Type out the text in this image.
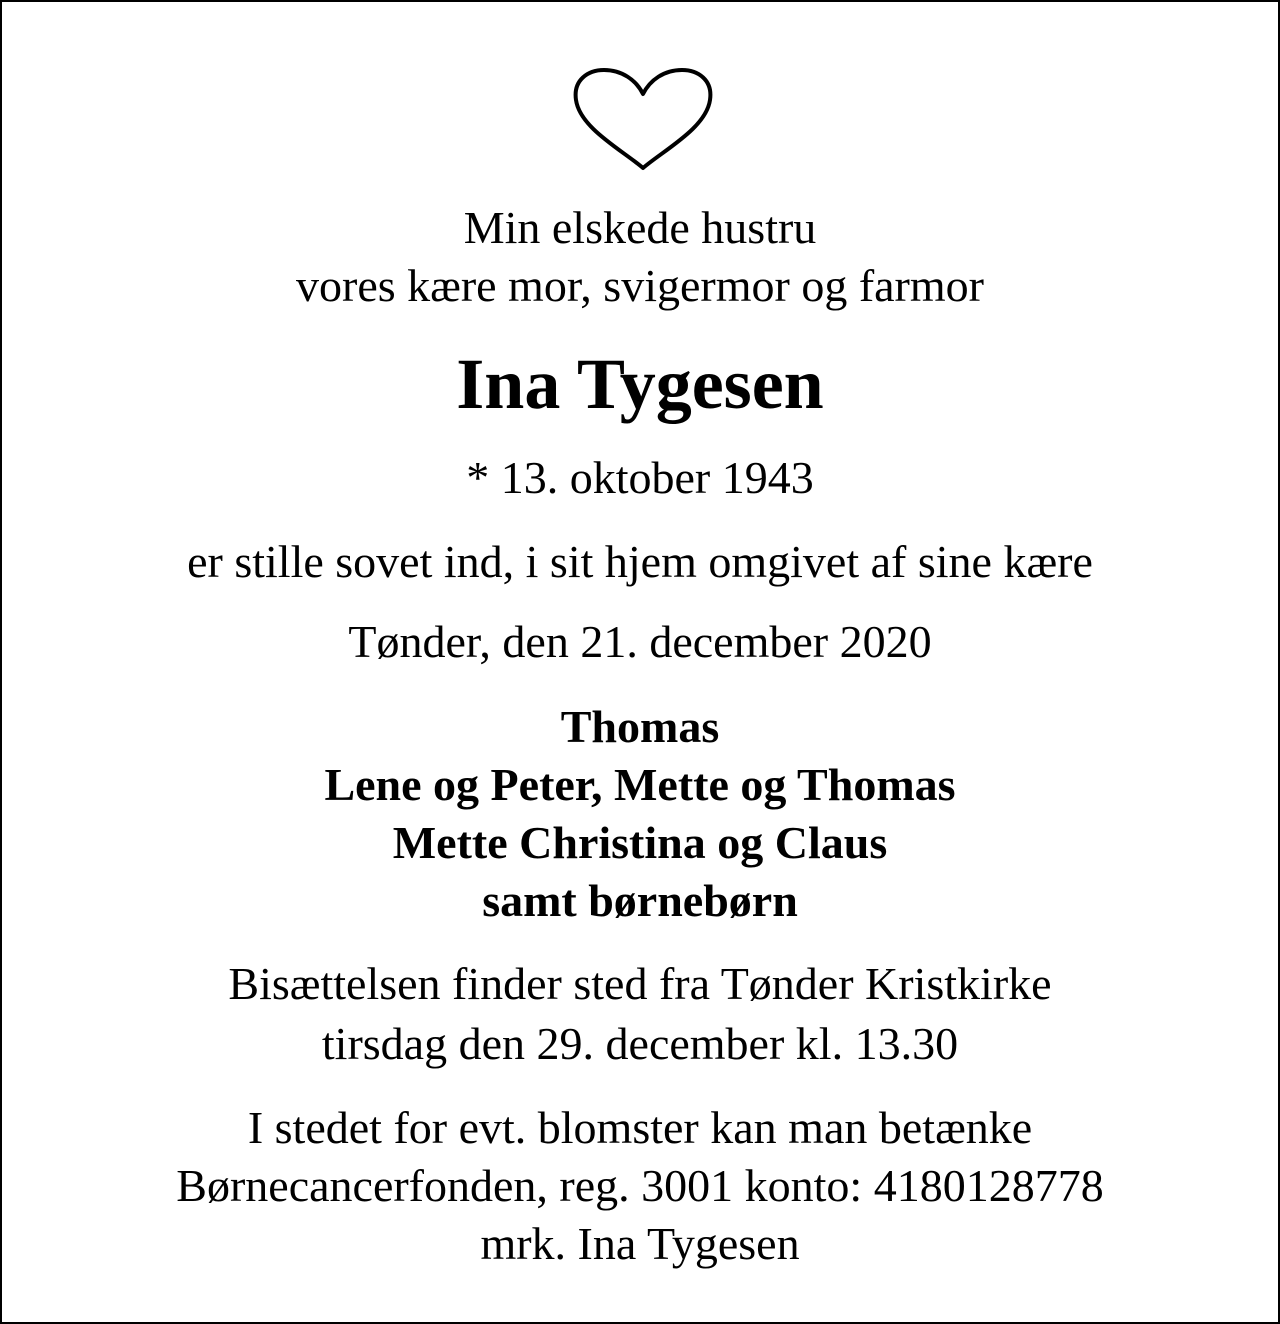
Min elskede hustru
vores kære mor, svigermor og farmor
Ina Tygesen
* 13. oktober 1943
er stille sovet ind, i sit hjem omgivet af sine kære
Tønder, den 21. december 2020
Thomas
Lene og Peter, Mette og Thomas
Mette Christina og Claus
samt børnebørn
Bisættelsen finder sted fra Tønder Kristkirke
tirsdag den 29. december kl. 13.30
I stedet for evt. blomster kan man betænke
Børnecancerfonden, reg. 3001 konto: 4180128778
mrk. Ina Tygesen
